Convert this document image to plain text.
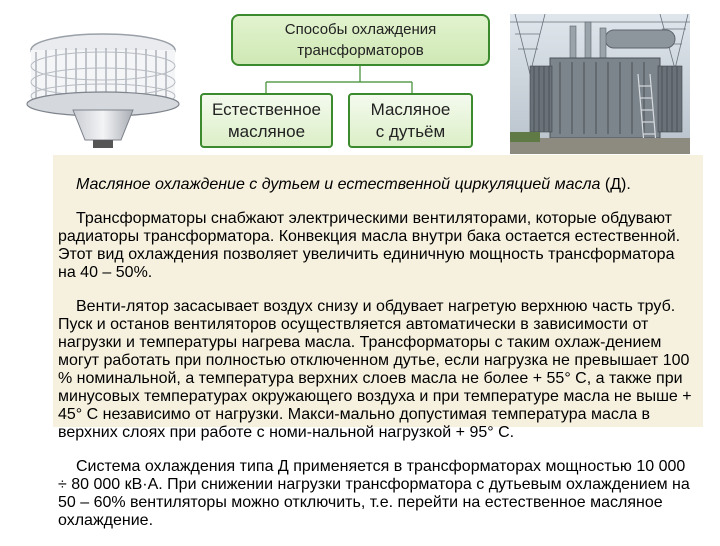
Способы охлаждения
трансформаторов
Естественное
масляное
Масляное
с дутьём

Масляное охлаждение с дутьем и естественной циркуляцией масла (Д).

Трансформаторы снабжают электрическими вентиляторами, которые обдувают радиаторы трансформатора. Конвекция масла внутри бака остается естественной. Этот вид охлаждения позволяет увеличить единичную мощность трансформатора на 40 – 50%.

Венти-лятор засасывает воздух снизу и обдувает нагретую верхнюю часть труб. Пуск и останов вентиляторов осуществляется автоматически в зависимости от нагрузки и температуры нагрева масла. Трансформаторы с таким охлаж-дением могут работать при полностью отключенном дутье, если нагрузка не превышает 100 % номинальной, а температура верхних слоев масла не более + 55° С, а также при минусовых температурах окружающего воздуха и при температуре масла не выше + 45° С независимо от нагрузки. Макси-мально допустимая температура масла в верхних слоях при работе с номи-нальной нагрузкой + 95° С.

Система охлаждения типа Д применяется в трансформаторах мощностью 10 000 ÷ 80 000 кВ·А. При снижении нагрузки трансформатора с дутьевым охлаждением на 50 – 60% вентиляторы можно отключить, т.е. перейти на естественное масляное охлаждение.
